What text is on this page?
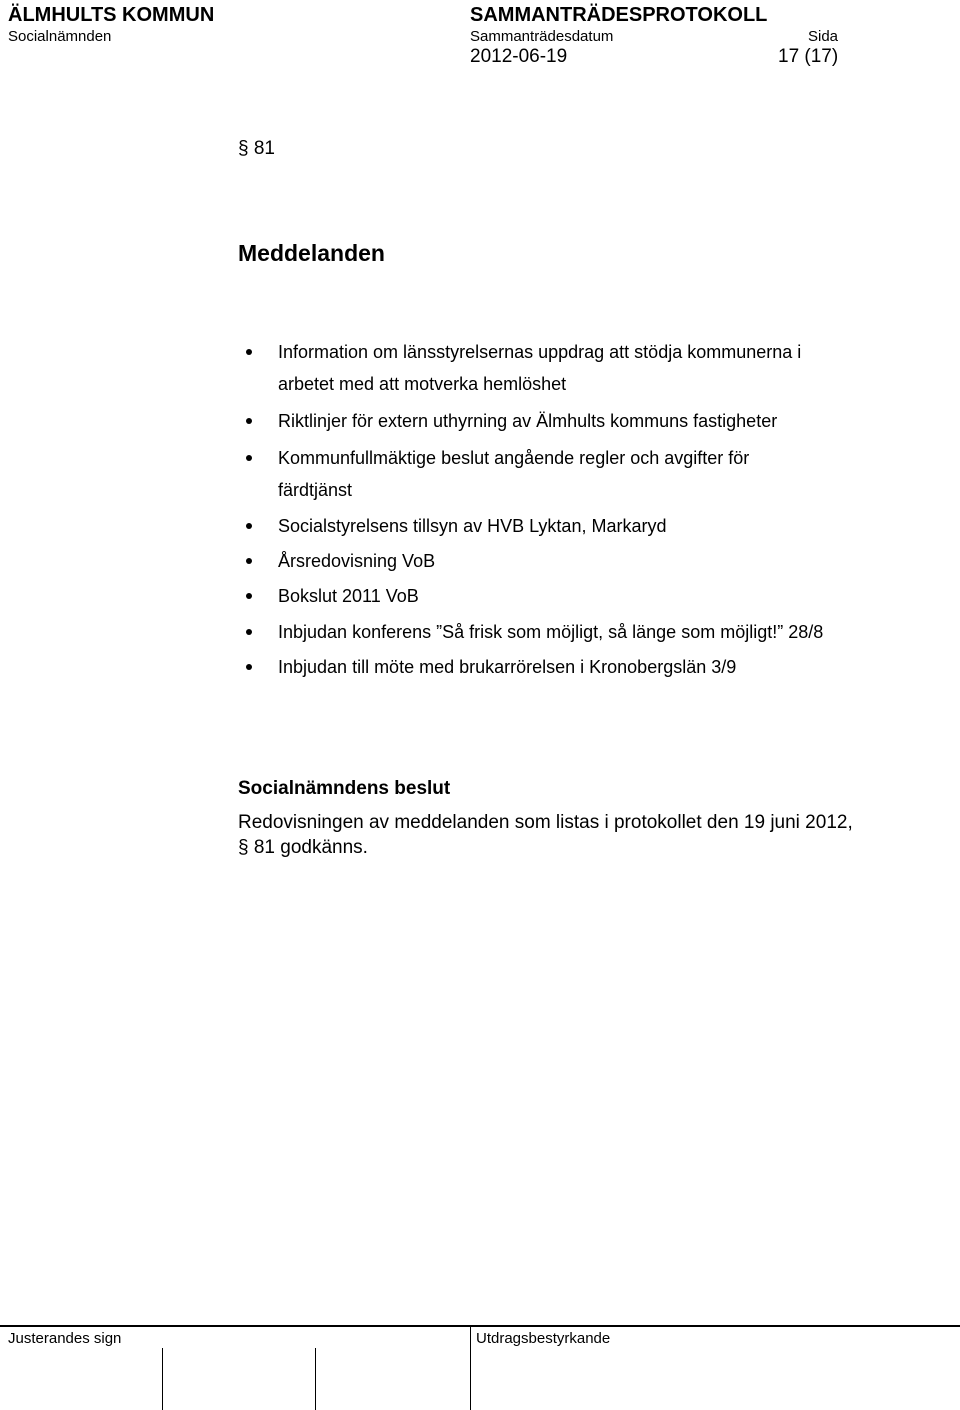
ÄLMHULTS KOMMUN
Socialnämnden
SAMMANTRÄDESPROTOKOLL
Sammanträdesdatum
2012-06-19
Sida
17 (17)
§ 81
Meddelanden
Information om länsstyrelsernas uppdrag att stödja kommunerna i
arbetet med att motverka hemlöshet
Riktlinjer för extern uthyrning av Älmhults kommuns fastigheter
Kommunfullmäktige beslut angående regler och avgifter för
färdtjänst
Socialstyrelsens tillsyn av HVB Lyktan, Markaryd
Årsredovisning VoB
Bokslut 2011 VoB
Inbjudan konferens ”Så frisk som möjligt, så länge som möjligt!” 28/8
Inbjudan till möte med brukarrörelsen i Kronobergslän 3/9
Socialnämndens beslut
Redovisningen av meddelanden som listas i protokollet den 19 juni 2012,
§ 81 godkänns.
Justerandes sign	Utdragsbestyrkande
